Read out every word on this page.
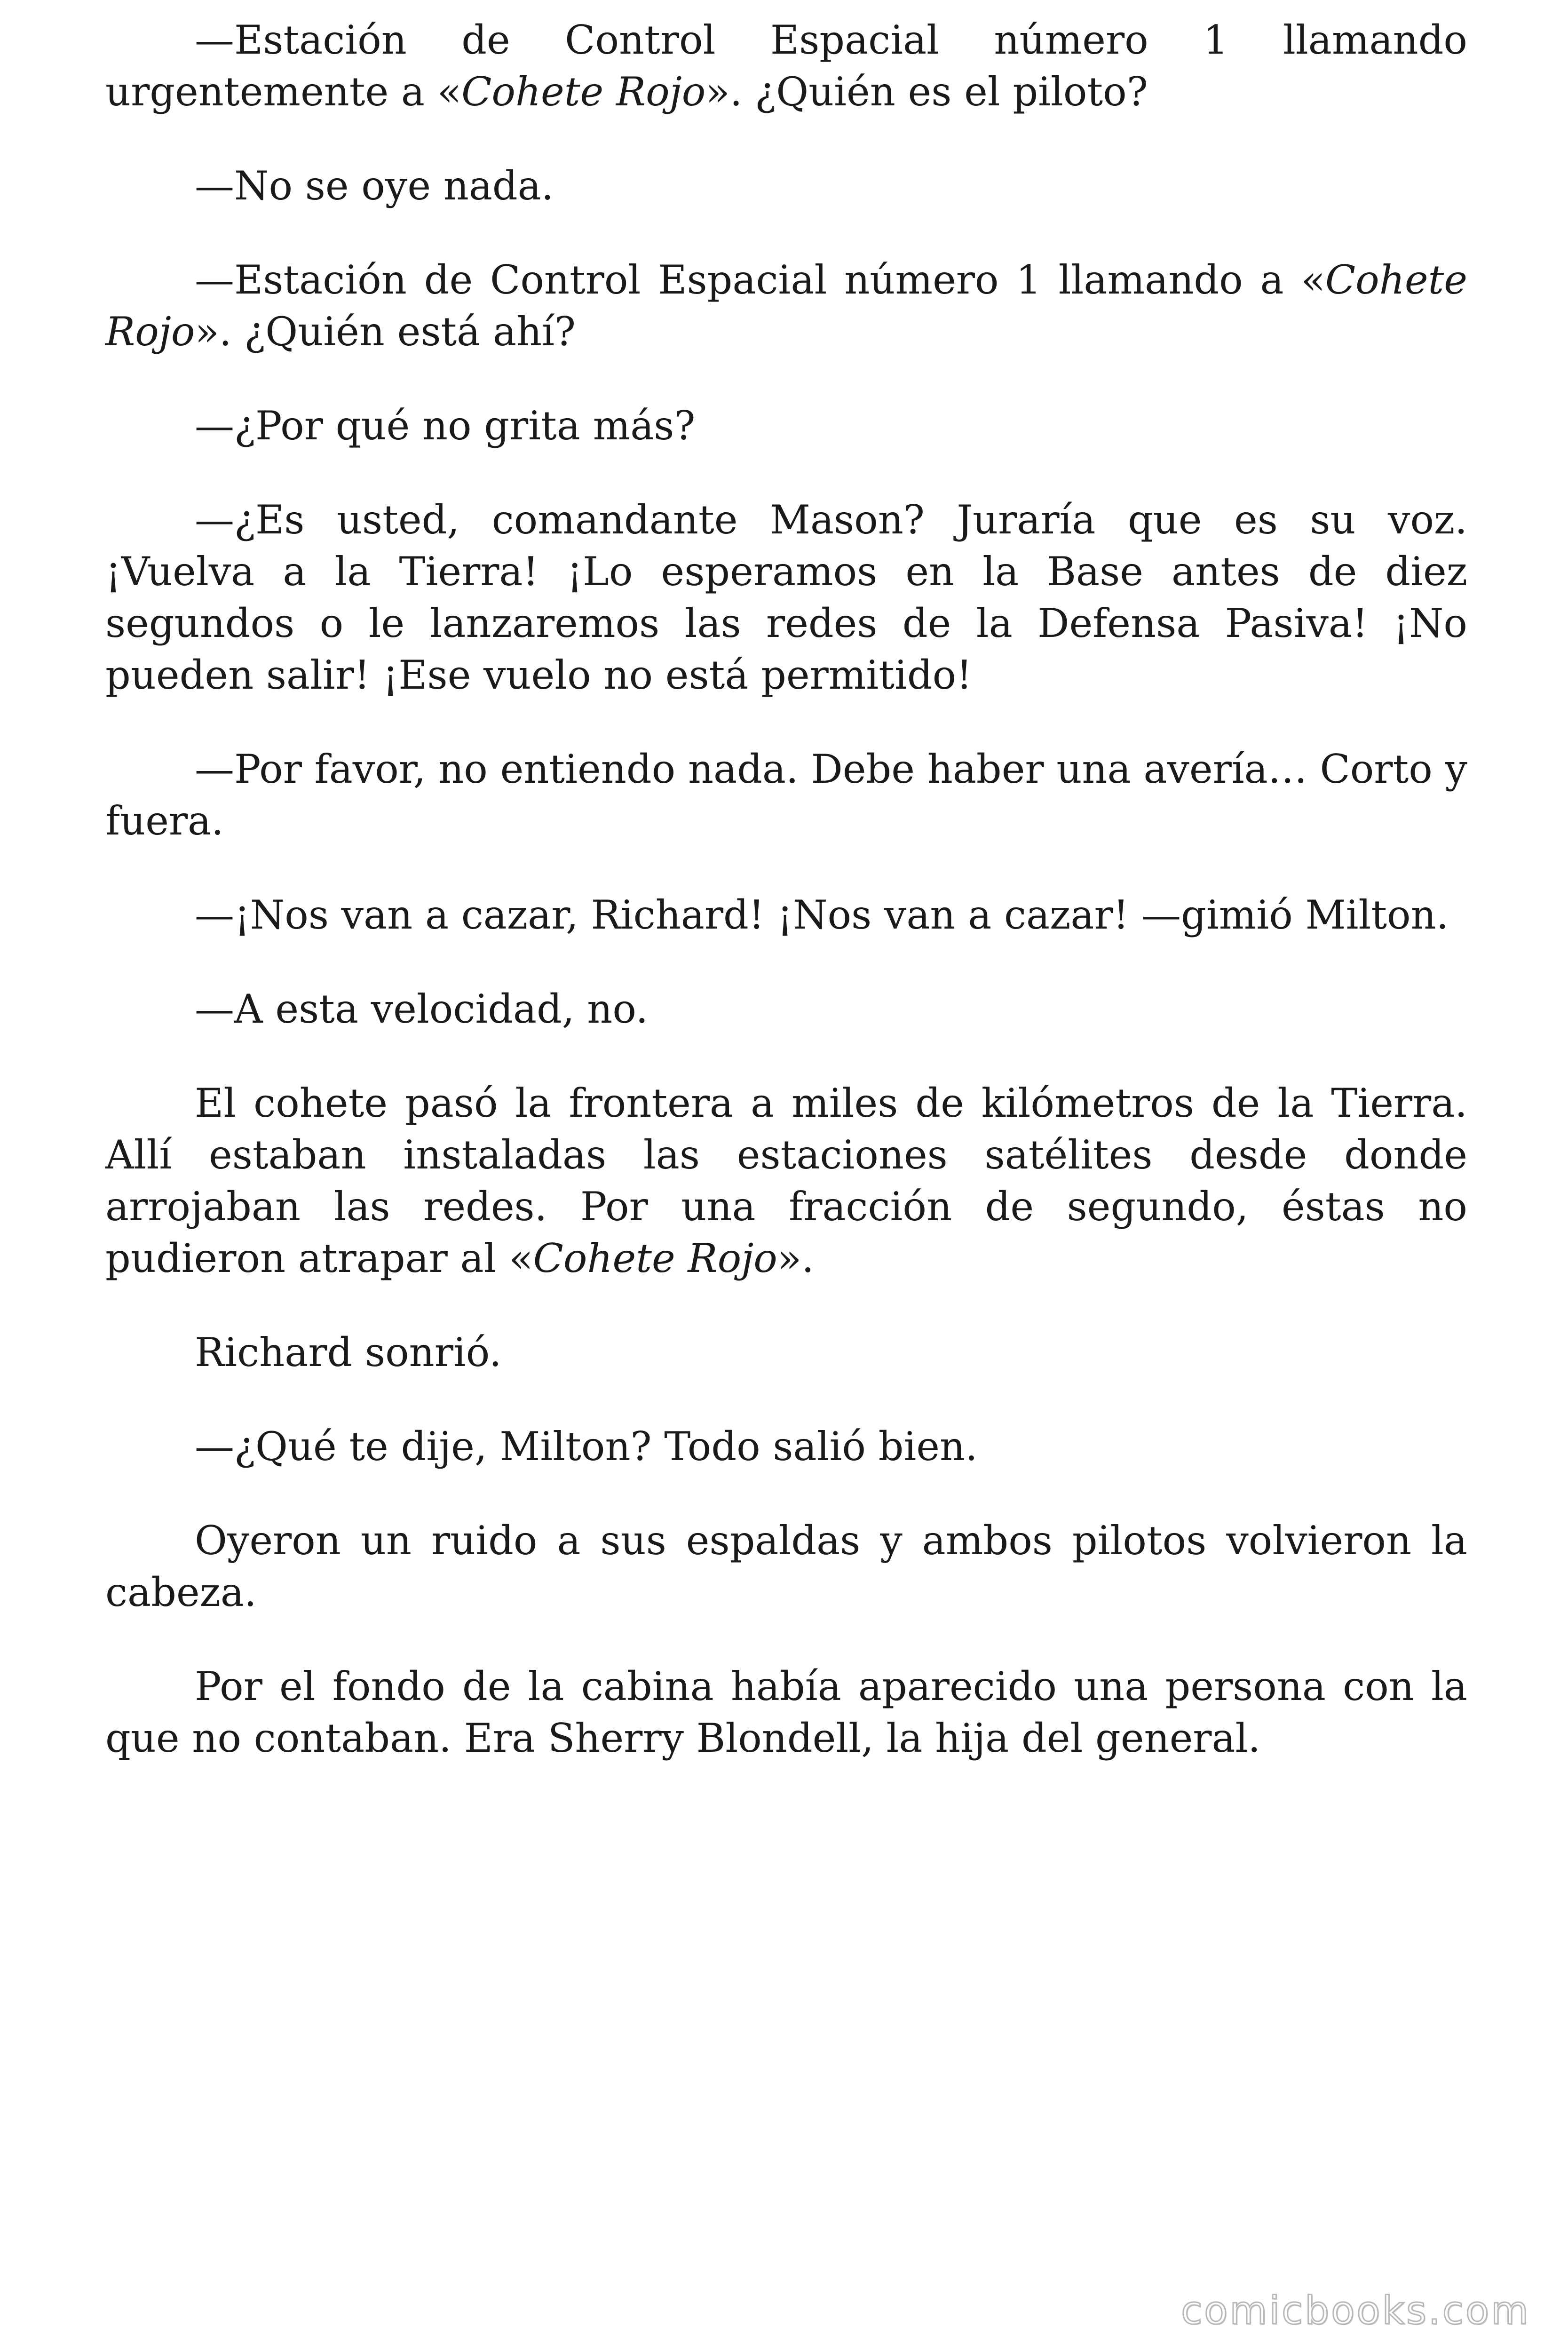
—Estación de Control Espacial número 1 llamando urgentemente a «Cohete Rojo». ¿Quién es el piloto?

—No se oye nada.

—Estación de Control Espacial número 1 llamando a «Cohete Rojo». ¿Quién está ahí?

—¿Por qué no grita más?

—¿Es usted, comandante Mason? Juraría que es su voz. ¡Vuelva a la Tierra! ¡Lo esperamos en la Base antes de diez segundos o le lanzaremos las redes de la Defensa Pasiva! ¡No pueden salir! ¡Ese vuelo no está permitido!

—Por favor, no entiendo nada. Debe haber una avería… Corto y fuera.

—¡Nos van a cazar, Richard! ¡Nos van a cazar! —gimió Milton.

—A esta velocidad, no.

El cohete pasó la frontera a miles de kilómetros de la Tierra. Allí estaban instaladas las estaciones satélites desde donde arrojaban las redes. Por una fracción de segundo, éstas no pudieron atrapar al «Cohete Rojo».

Richard sonrió.

—¿Qué te dije, Milton? Todo salió bien.

Oyeron un ruido a sus espaldas y ambos pilotos volvieron la cabeza.

Por el fondo de la cabina había aparecido una persona con la que no contaban. Era Sherry Blondell, la hija del general.

comicbooks.com
